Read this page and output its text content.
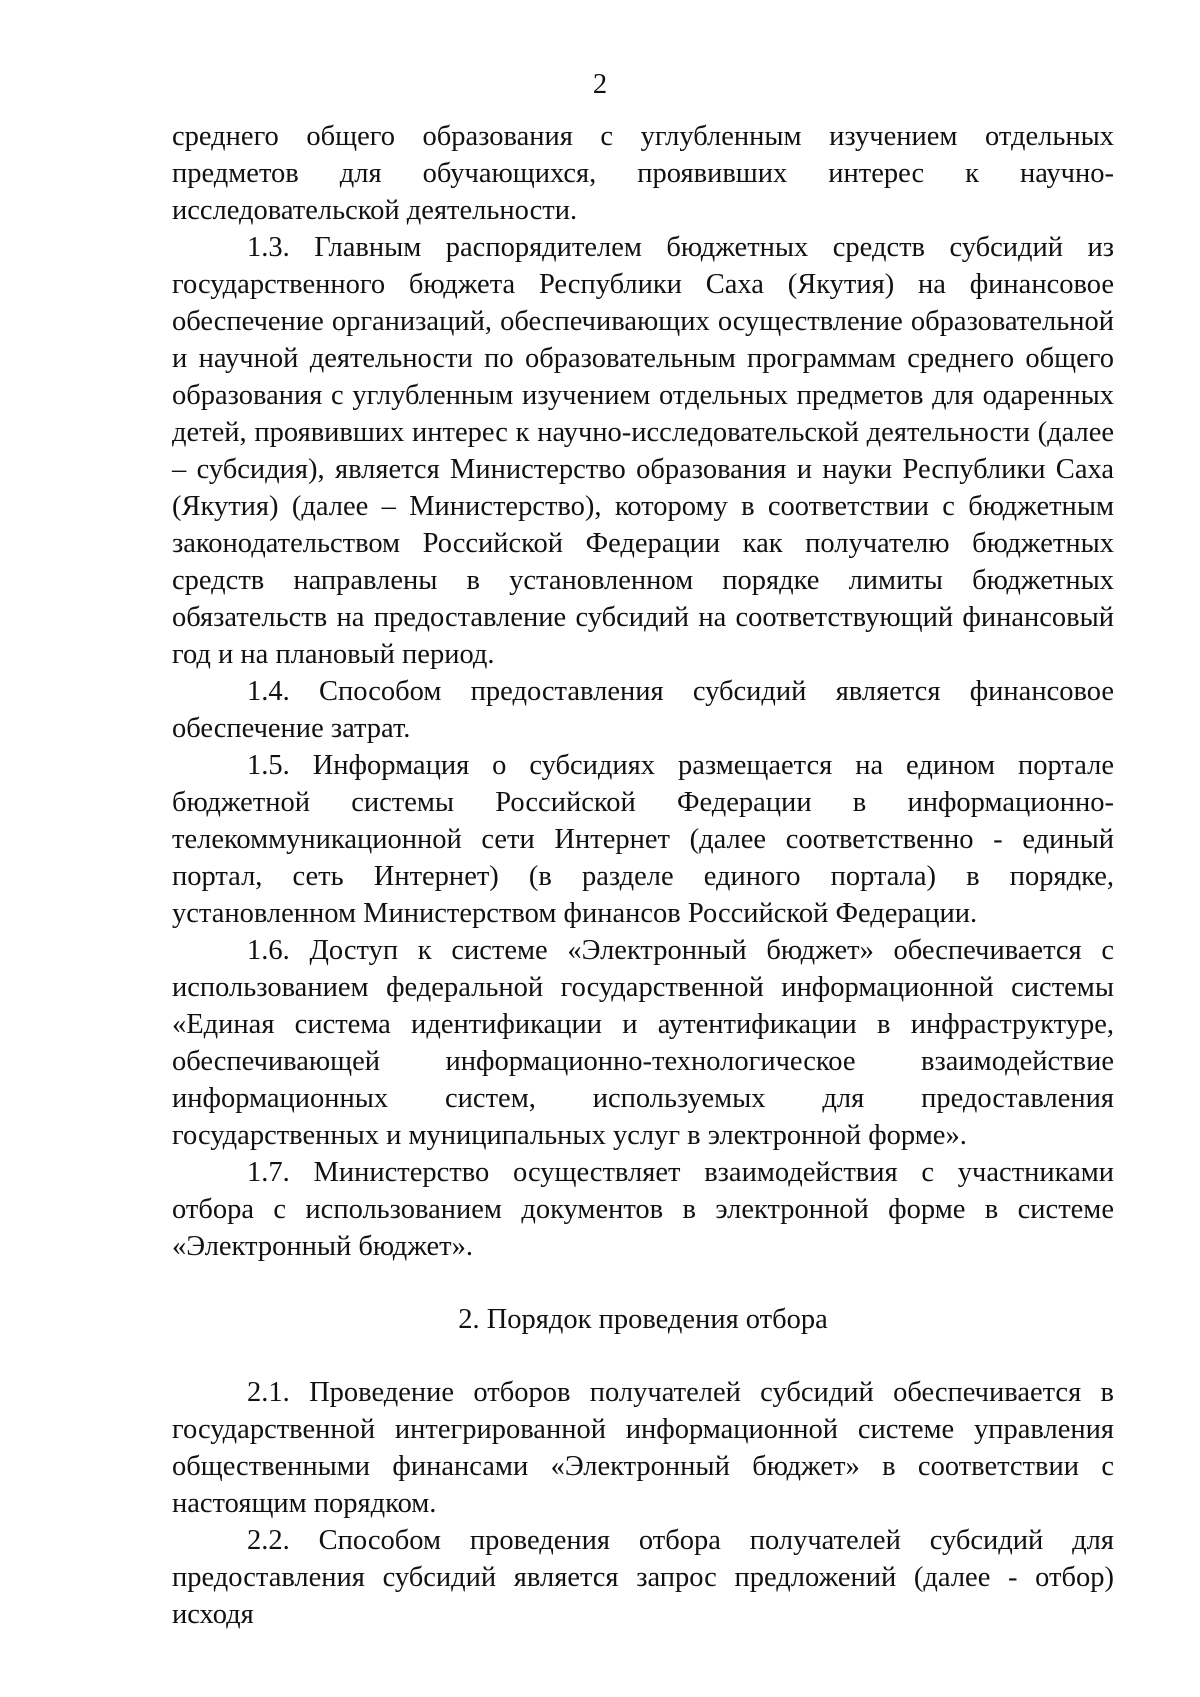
2

среднего общего образования с углубленным изучением отдельных предметов для обучающихся, проявивших интерес к научно-исследовательской деятельности.

1.3. Главным распорядителем бюджетных средств субсидий из государственного бюджета Республики Саха (Якутия) на финансовое обеспечение организаций, обеспечивающих осуществление образовательной и научной деятельности по образовательным программам среднего общего образования с углубленным изучением отдельных предметов для одаренных детей, проявивших интерес к научно-исследовательской деятельности (далее – субсидия), является Министерство образования и науки Республики Саха (Якутия) (далее – Министерство), которому в соответствии с бюджетным законодательством Российской Федерации как получателю бюджетных средств направлены в установленном порядке лимиты бюджетных обязательств на предоставление субсидий на соответствующий финансовый год и на плановый период.

1.4. Способом предоставления субсидий является финансовое обеспечение затрат.

1.5. Информация о субсидиях размещается на едином портале бюджетной системы Российской Федерации в информационно-телекоммуникационной сети Интернет (далее соответственно - единый портал, сеть Интернет) (в разделе единого портала) в порядке, установленном Министерством финансов Российской Федерации.

1.6. Доступ к системе «Электронный бюджет» обеспечивается с использованием федеральной государственной информационной системы «Единая система идентификации и аутентификации в инфраструктуре, обеспечивающей информационно-технологическое взаимодействие информационных систем, используемых для предоставления государственных и муниципальных услуг в электронной форме».

1.7. Министерство осуществляет взаимодействия с участниками отбора с использованием документов в электронной форме в системе «Электронный бюджет».

2. Порядок проведения отбора

2.1. Проведение отборов получателей субсидий обеспечивается в государственной интегрированной информационной системе управления общественными финансами «Электронный бюджет» в соответствии с настоящим порядком.

2.2. Способом проведения отбора получателей субсидий для предоставления субсидий является запрос предложений (далее - отбор) исходя
